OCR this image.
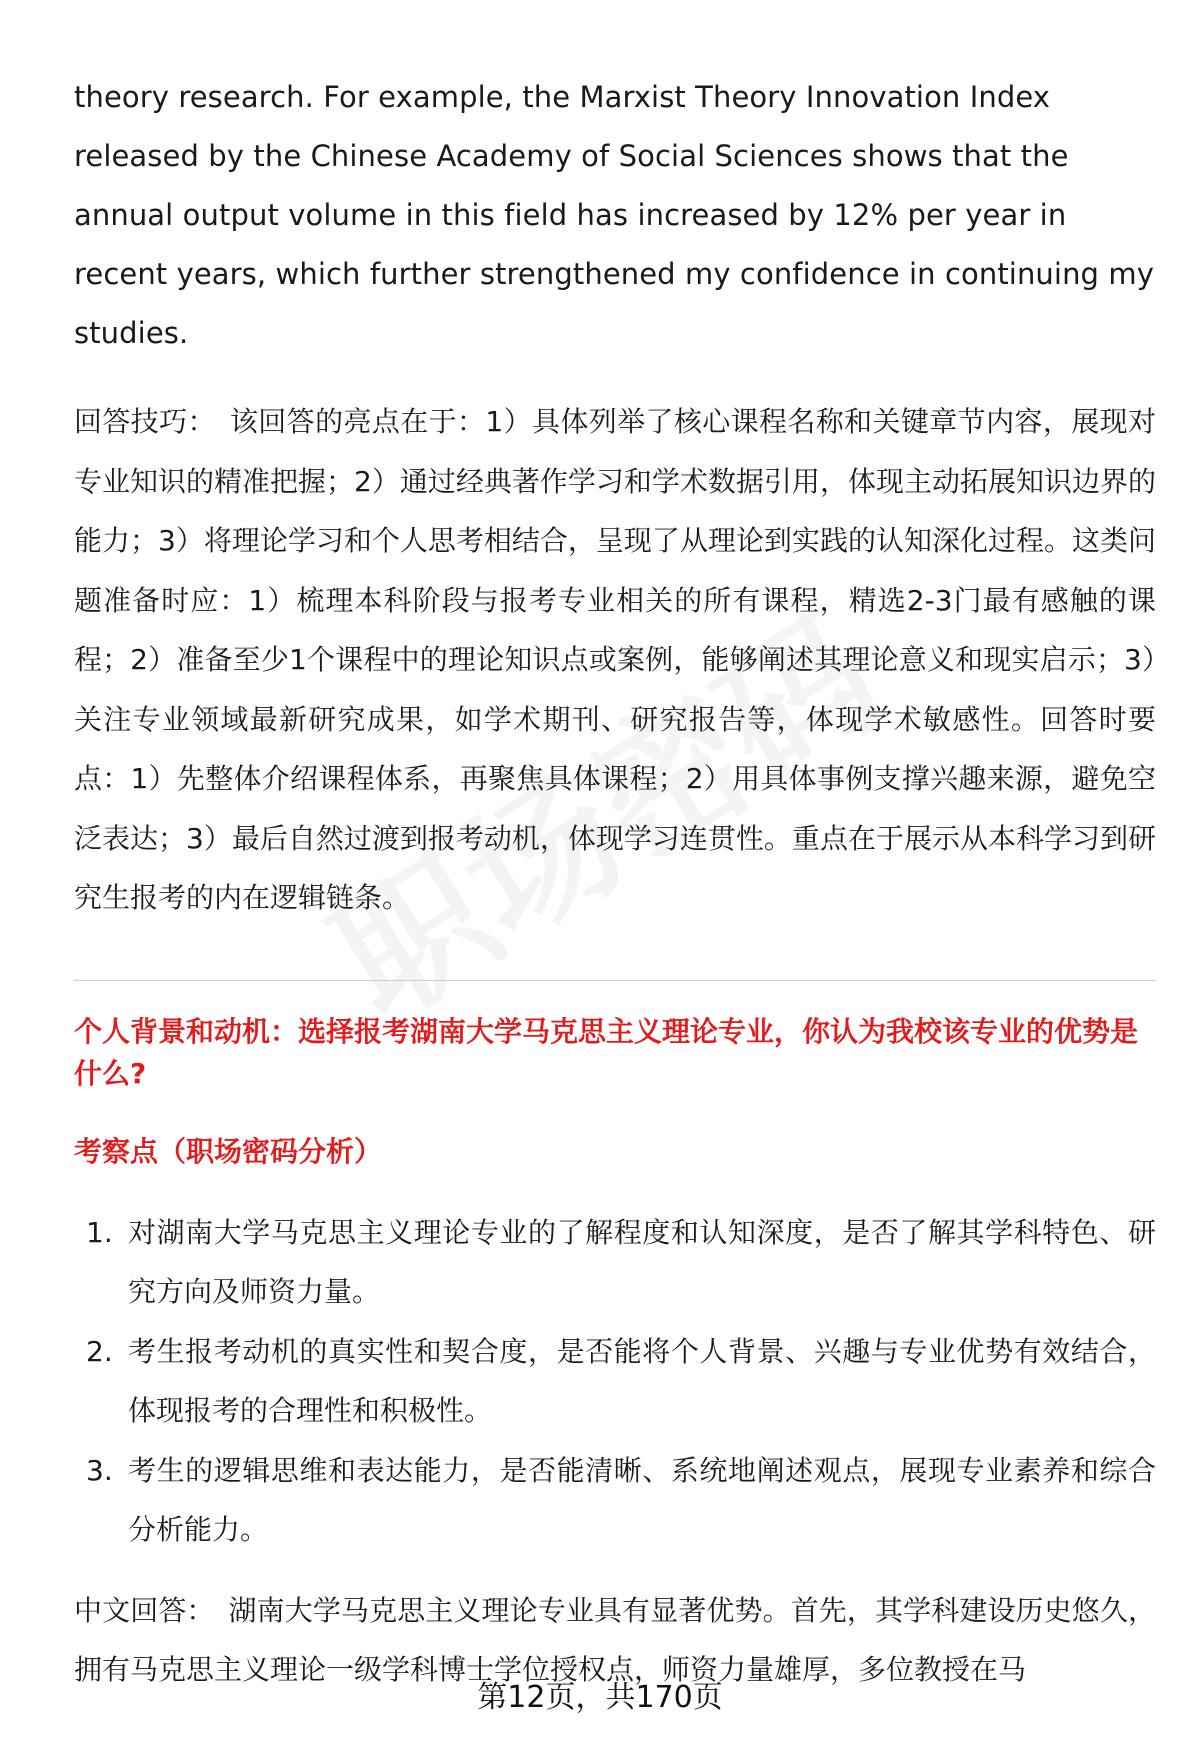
theory research. For example, the Marxist Theory Innovation Index released by the Chinese Academy of Social Sciences shows that the annual output volume in this field has increased by 12% per year in recent years, which further strengthened my confidence in continuing my studies.

回答技巧： 该回答的亮点在于：1）具体列举了核心课程名称和关键章节内容，展现对专业知识的精准把握；2）通过经典著作学习和学术数据引用，体现主动拓展知识边界的能力；3）将理论学习和个人思考相结合，呈现了从理论到实践的认知深化过程。这类问题准备时应：1）梳理本科阶段与报考专业相关的所有课程，精选2-3门最有感触的课程；2）准备至少1个课程中的理论知识点或案例，能够阐述其理论意义和现实启示；3）关注专业领域最新研究成果，如学术期刊、研究报告等，体现学术敏感性。回答时要点：1）先整体介绍课程体系，再聚焦具体课程；2）用具体事例支撑兴趣来源，避免空泛表达；3）最后自然过渡到报考动机，体现学习连贯性。重点在于展示从本科学习到研究生报考的内在逻辑链条。

个人背景和动机：选择报考湖南大学马克思主义理论专业，你认为我校该专业的优势是什么?
考察点（职场密码分析）
1. 对湖南大学马克思主义理论专业的了解程度和认知深度，是否了解其学科特色、研究方向及师资力量。
2. 考生报考动机的真实性和契合度，是否能将个人背景、兴趣与专业优势有效结合，体现报考的合理性和积极性。
3. 考生的逻辑思维和表达能力，是否能清晰、系统地阐述观点，展现专业素养和综合分析能力。

中文回答： 湖南大学马克思主义理论专业具有显著优势。首先，其学科建设历史悠久，拥有马克思主义理论一级学科博士学位授权点，师资力量雄厚，多位教授在马

第12页，共170页
